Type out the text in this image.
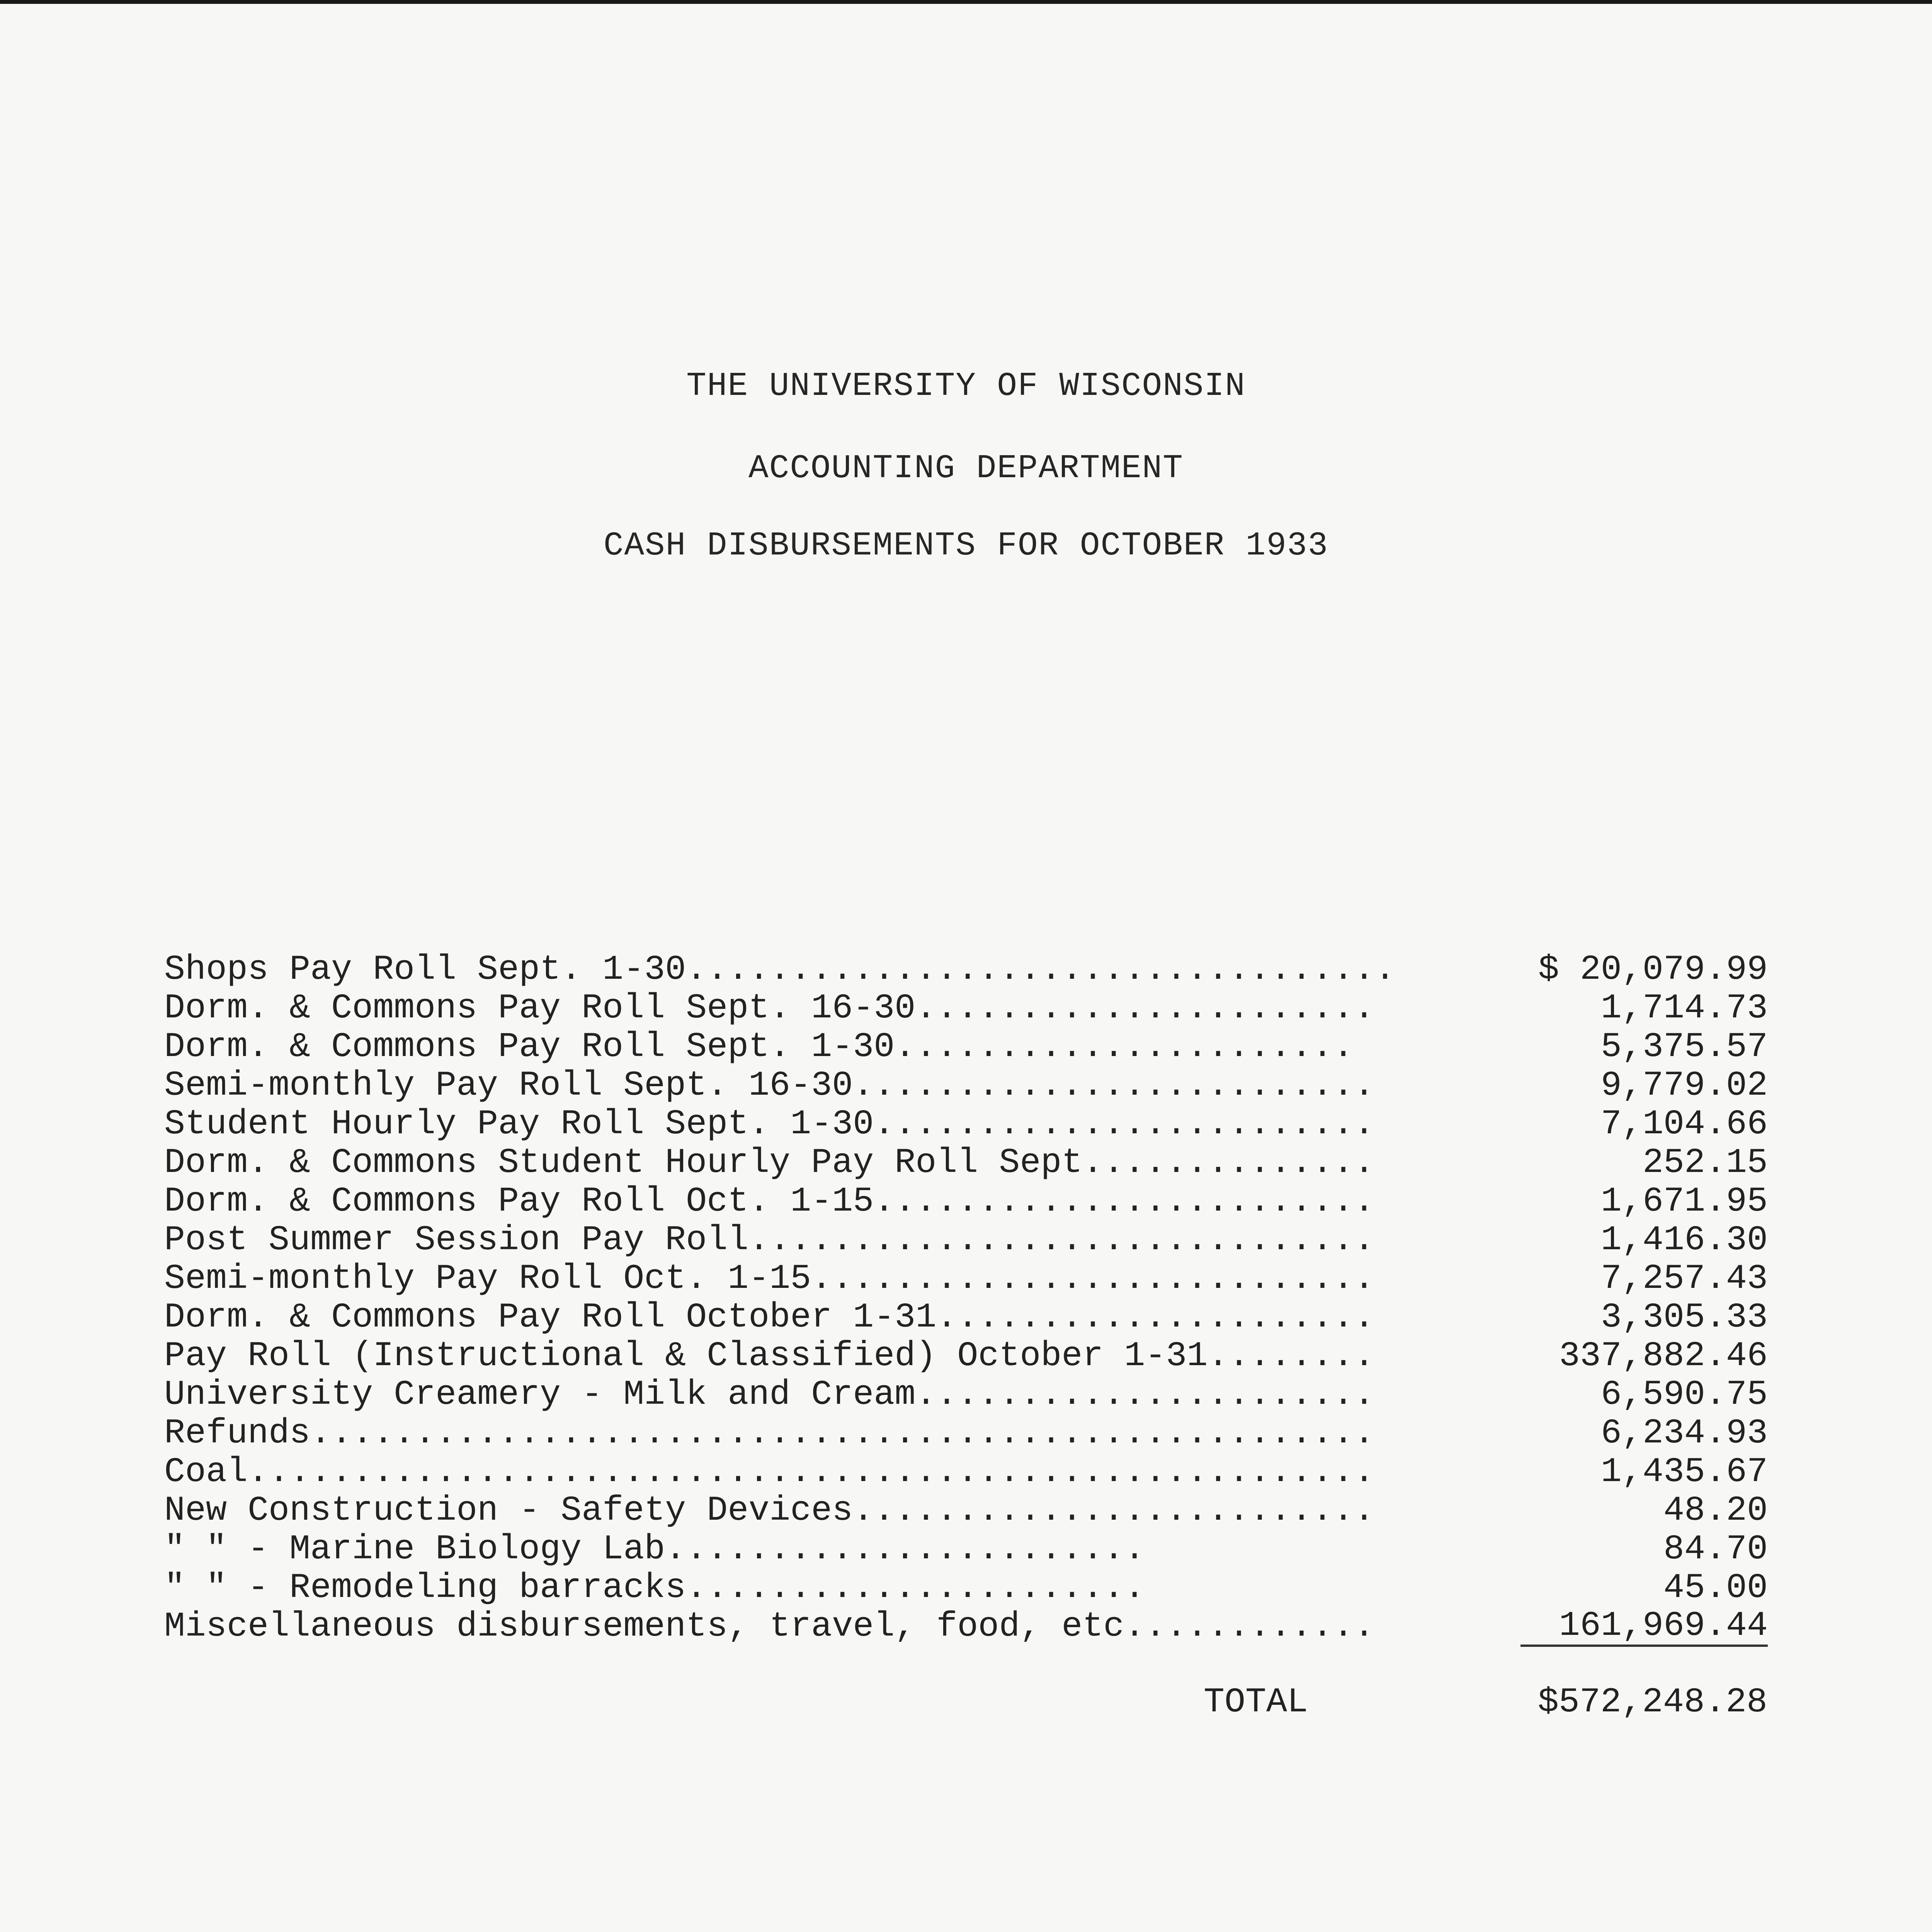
THE UNIVERSITY OF WISCONSIN
ACCOUNTING DEPARTMENT
CASH DISBURSEMENTS FOR OCTOBER 1933
Shops Pay Roll Sept. 1-30..................................	$ 20,079.99
Dorm. & Commons Pay Roll Sept. 16-30......................	1,714.73
Dorm. & Commons Pay Roll Sept. 1-30......................	5,375.57
Semi-monthly Pay Roll Sept. 16-30.........................	9,779.02
Student Hourly Pay Roll Sept. 1-30........................	7,104.66
Dorm. & Commons Student Hourly Pay Roll Sept..............	252.15
Dorm. & Commons Pay Roll Oct. 1-15........................	1,671.95
Post Summer Session Pay Roll..............................	1,416.30
Semi-monthly Pay Roll Oct. 1-15...........................	7,257.43
Dorm. & Commons Pay Roll October 1-31.....................	3,305.33
Pay Roll (Instructional & Classified) October 1-31........	337,882.46
University Creamery - Milk and Cream......................	6,590.75
Refunds...................................................	6,234.93
Coal......................................................	1,435.67
New Construction - Safety Devices.........................	48.20
" " - Marine Biology Lab.......................	84.70
" " - Remodeling barracks......................	45.00
Miscellaneous disbursements, travel, food, etc............	161,969.44
TOTAL	$572,248.28
